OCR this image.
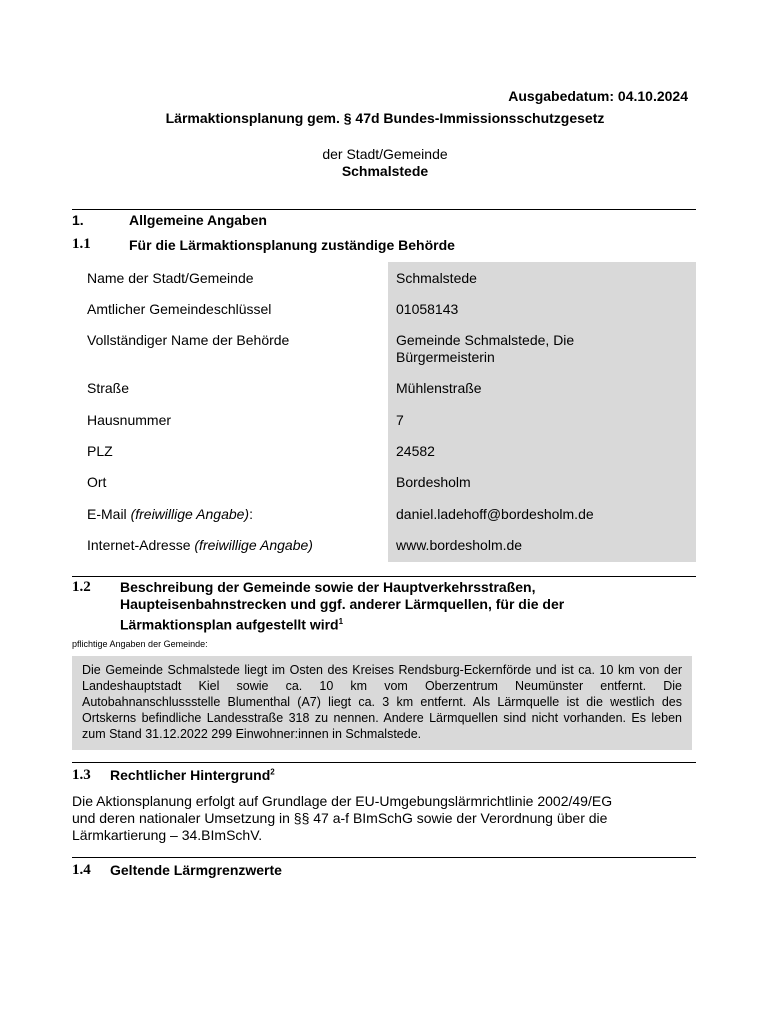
Ausgabedatum: 04.10.2024
Lärmaktionsplanung gem. § 47d Bundes-Immissionsschutzgesetz
der Stadt/Gemeinde
Schmalstede
1.	Allgemeine Angaben
1.1	Für die Lärmaktionsplanung zuständige Behörde
Name der Stadt/Gemeinde	Schmalstede
Amtlicher Gemeindeschlüssel	01058143
Vollständiger Name der Behörde	Gemeinde Schmalstede, Die
Bürgermeisterin
Straße	Mühlenstraße
Hausnummer	7
PLZ	24582
Ort	Bordesholm
E-Mail (freiwillige Angabe):	daniel.ladehoff@bordesholm.de
Internet-Adresse (freiwillige Angabe)	www.bordesholm.de
1.2 Beschreibung der Gemeinde sowie der Hauptverkehrsstraßen,
Haupteisenbahnstrecken und ggf. anderer Lärmquellen, für die der
Lärmaktionsplan aufgestellt wird$^1$
pflichtige Angaben der Gemeinde:
Die Gemeinde Schmalstede liegt im Osten des Kreises Rendsburg-Eckernförde und ist ca. 10 km von der Landeshauptstadt Kiel sowie ca. 10 km vom Oberzentrum Neumünster entfernt. Die Autobahnanschlussstelle Blumenthal (A7) liegt ca. 3 km entfernt. Als Lärmquelle ist die westlich des Ortskerns befindliche Landesstraße 318 zu nennen. Andere Lärmquellen sind nicht vorhanden. Es leben zum Stand 31.12.2022 299 Einwohner:innen in Schmalstede.
1.3 Rechtlicher Hintergrund$^2$
Die Aktionsplanung erfolgt auf Grundlage der EU-Umgebungslärmrichtlinie 2002/49/EG
und deren nationaler Umsetzung in §§ 47 a-f BImSchG sowie der Verordnung über die
Lärmkartierung – 34.BImSchV.
1.4 Geltende Lärmgrenzwerte
